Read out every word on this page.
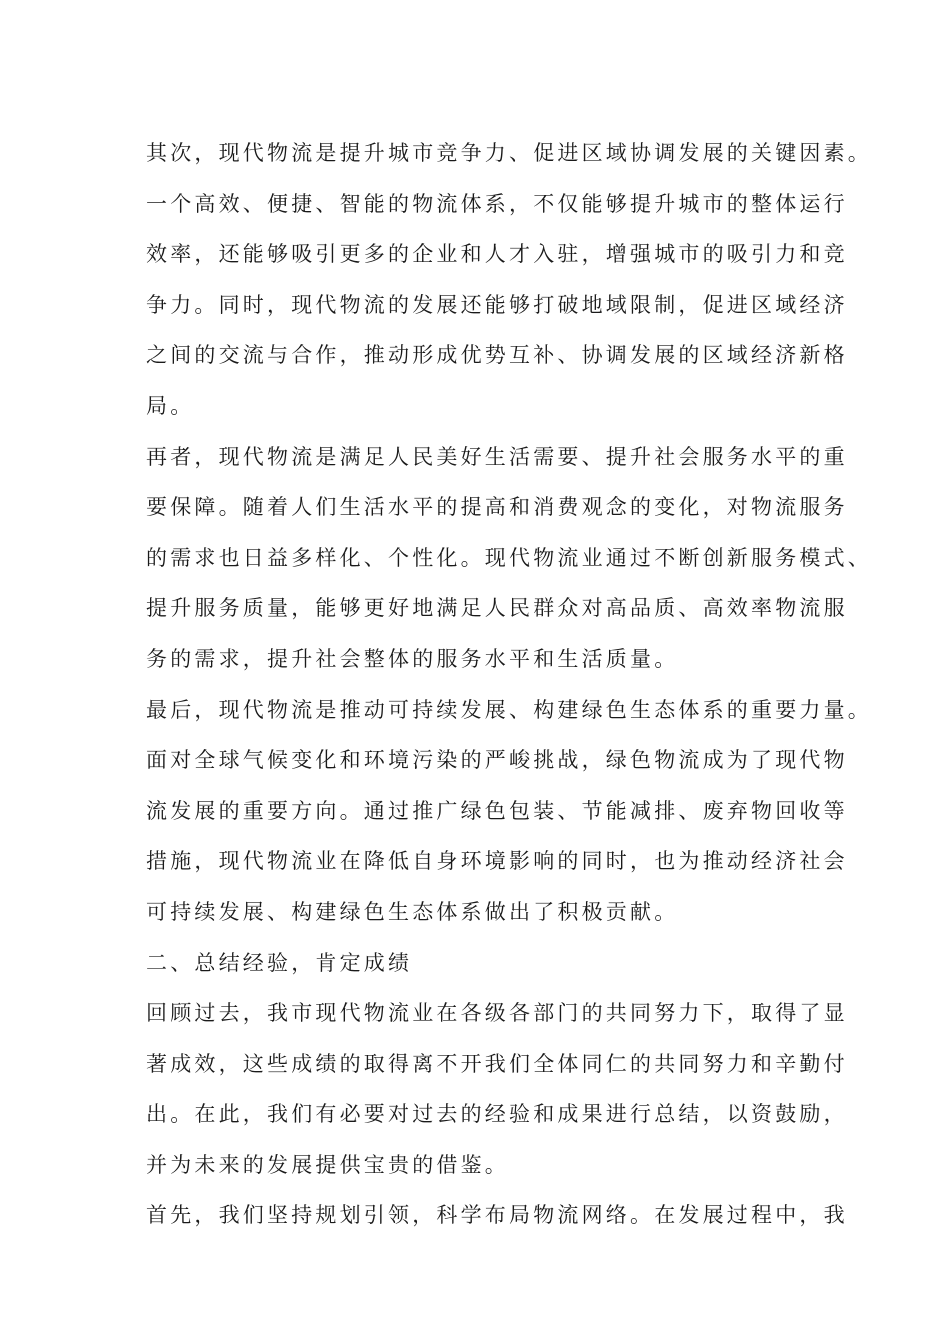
其次，现代物流是提升城市竞争力、促进区域协调发展的关键因素。
一个高效、便捷、智能的物流体系，不仅能够提升城市的整体运行
效率，还能够吸引更多的企业和人才入驻，增强城市的吸引力和竞
争力。同时，现代物流的发展还能够打破地域限制，促进区域经济
之间的交流与合作，推动形成优势互补、协调发展的区域经济新格
局。
再者，现代物流是满足人民美好生活需要、提升社会服务水平的重
要保障。随着人们生活水平的提高和消费观念的变化，对物流服务
的需求也日益多样化、个性化。现代物流业通过不断创新服务模式、
提升服务质量，能够更好地满足人民群众对高品质、高效率物流服
务的需求，提升社会整体的服务水平和生活质量。
最后，现代物流是推动可持续发展、构建绿色生态体系的重要力量。
面对全球气候变化和环境污染的严峻挑战，绿色物流成为了现代物
流发展的重要方向。通过推广绿色包装、节能减排、废弃物回收等
措施，现代物流业在降低自身环境影响的同时，也为推动经济社会
可持续发展、构建绿色生态体系做出了积极贡献。
二、总结经验，肯定成绩
回顾过去，我市现代物流业在各级各部门的共同努力下，取得了显
著成效，这些成绩的取得离不开我们全体同仁的共同努力和辛勤付
出。在此，我们有必要对过去的经验和成果进行总结，以资鼓励，
并为未来的发展提供宝贵的借鉴。
首先，我们坚持规划引领，科学布局物流网络。在发展过程中，我
